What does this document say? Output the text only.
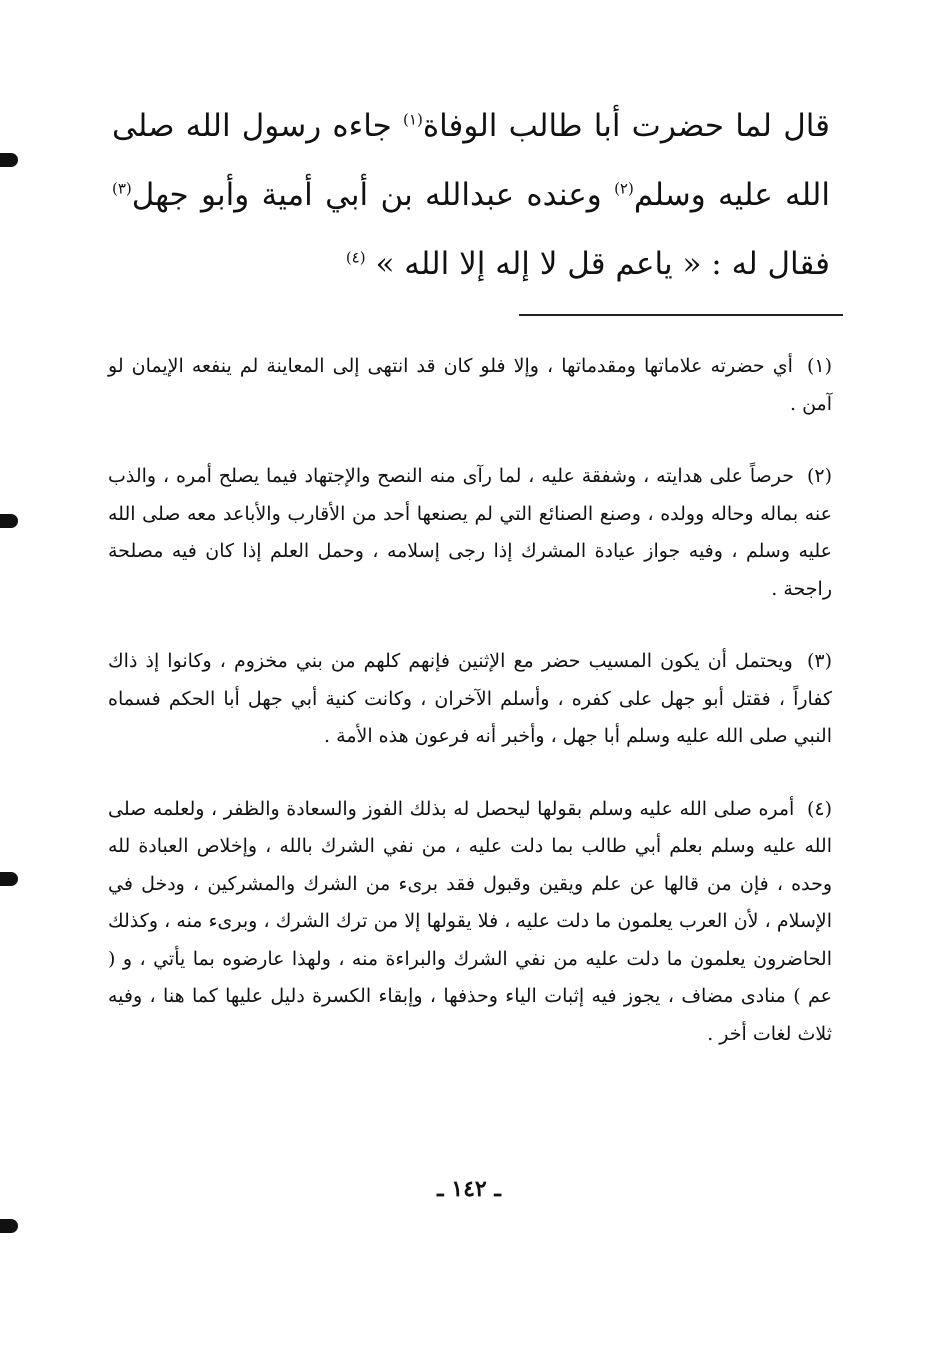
قال لما حضرت أبا طالب الوفاة$^{(١)}$ جاءه رسول الله صلى الله عليه وسلم$^{(٢)}$ وعنده عبدالله بن أبي أمية وأبو جهل$^{(٣)}$ فقال له : « ياعم قل لا إله إلا الله » $^{(٤)}$

(١) أي حضرته علاماتها ومقدماتها ، وإلا فلو كان قد انتهى إلى المعاينة لم ينفعه الإيمان لو آمن .

(٢) حرصاً على هدايته ، وشفقة عليه ، لما رآى منه النصح والإجتهاد فيما يصلح أمره ، والذب عنه بماله وحاله وولده ، وصنع الصنائع التي لم يصنعها أحد من الأقارب والأباعد معه صلى الله عليه وسلم ، وفيه جواز عيادة المشرك إذا رجى إسلامه ، وحمل العلم إذا كان فيه مصلحة راجحة .

(٣) ويحتمل أن يكون المسيب حضر مع الإثنين فإنهم كلهم من بني مخزوم ، وكانوا إذ ذاك كفاراً ، فقتل أبو جهل على كفره ، وأسلم الآخران ، وكانت كنية أبي جهل أبا الحكم فسماه النبي صلى الله عليه وسلم أبا جهل ، وأخبر أنه فرعون هذه الأمة .

(٤) أمره صلى الله عليه وسلم بقولها ليحصل له بذلك الفوز والسعادة والظفر ، ولعلمه صلى الله عليه وسلم بعلم أبي طالب بما دلت عليه ، من نفي الشرك بالله ، وإخلاص العبادة لله وحده ، فإن من قالها عن علم ويقين وقبول فقد برىء من الشرك والمشركين ، ودخل في الإسلام ، لأن العرب يعلمون ما دلت عليه ، فلا يقولها إلا من ترك الشرك ، وبرىء منه ، وكذلك الحاضرون يعلمون ما دلت عليه من نفي الشرك والبراءة منه ، ولهذا عارضوه بما يأتي ، و ( عم ) منادى مضاف ، يجوز فيه إثبات الياء وحذفها ، وإبقاء الكسرة دليل عليها كما هنا ، وفيه ثلاث لغات أخر .

ـ ١٤٢ ـ
